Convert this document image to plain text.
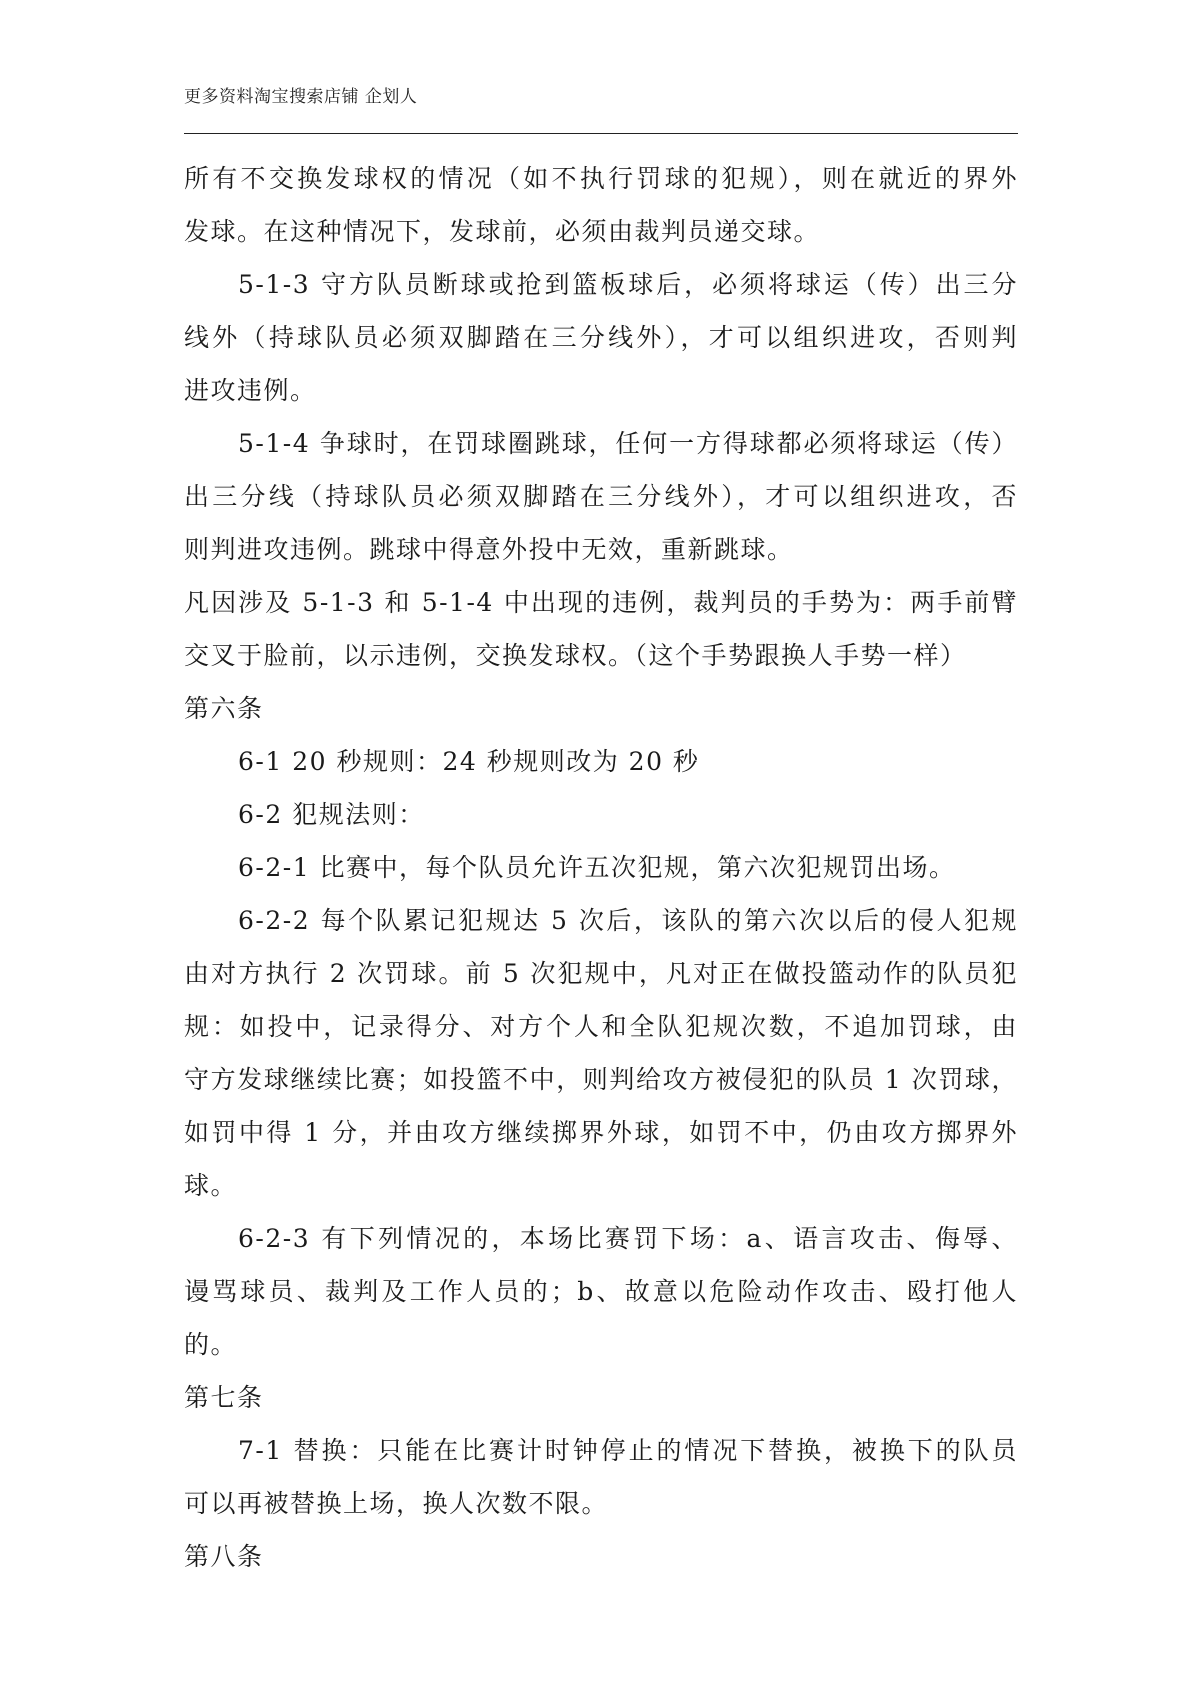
更多资料淘宝搜索店铺 企划人
所有不交换发球权的情况（如不执行罚球的犯规），则在就近的界外
发球。在这种情况下，发球前，必须由裁判员递交球。
5-1-3 守方队员断球或抢到篮板球后，必须将球运（传）出三分
线外（持球队员必须双脚踏在三分线外），才可以组织进攻，否则判
进攻违例。
5-1-4 争球时，在罚球圈跳球，任何一方得球都必须将球运（传）
出三分线（持球队员必须双脚踏在三分线外），才可以组织进攻，否
则判进攻违例。跳球中得意外投中无效，重新跳球。
凡因涉及 5-1-3 和 5-1-4 中出现的违例，裁判员的手势为：两手前臂
交叉于脸前，以示违例，交换发球权。（这个手势跟换人手势一样）
第六条
6-1 20 秒规则：24 秒规则改为 20 秒
6-2 犯规法则：
6-2-1 比赛中，每个队员允许五次犯规，第六次犯规罚出场。
6-2-2 每个队累记犯规达 5 次后，该队的第六次以后的侵人犯规
由对方执行 2 次罚球。前 5 次犯规中，凡对正在做投篮动作的队员犯
规：如投中，记录得分、对方个人和全队犯规次数，不追加罚球，由
守方发球继续比赛；如投篮不中，则判给攻方被侵犯的队员 1 次罚球，
如罚中得 1 分，并由攻方继续掷界外球，如罚不中，仍由攻方掷界外
球。
6-2-3 有下列情况的，本场比赛罚下场：a、语言攻击、侮辱、
谩骂球员、裁判及工作人员的；b、故意以危险动作攻击、殴打他人
的。
第七条
7-1 替换：只能在比赛计时钟停止的情况下替换，被换下的队员
可以再被替换上场，换人次数不限。
第八条
